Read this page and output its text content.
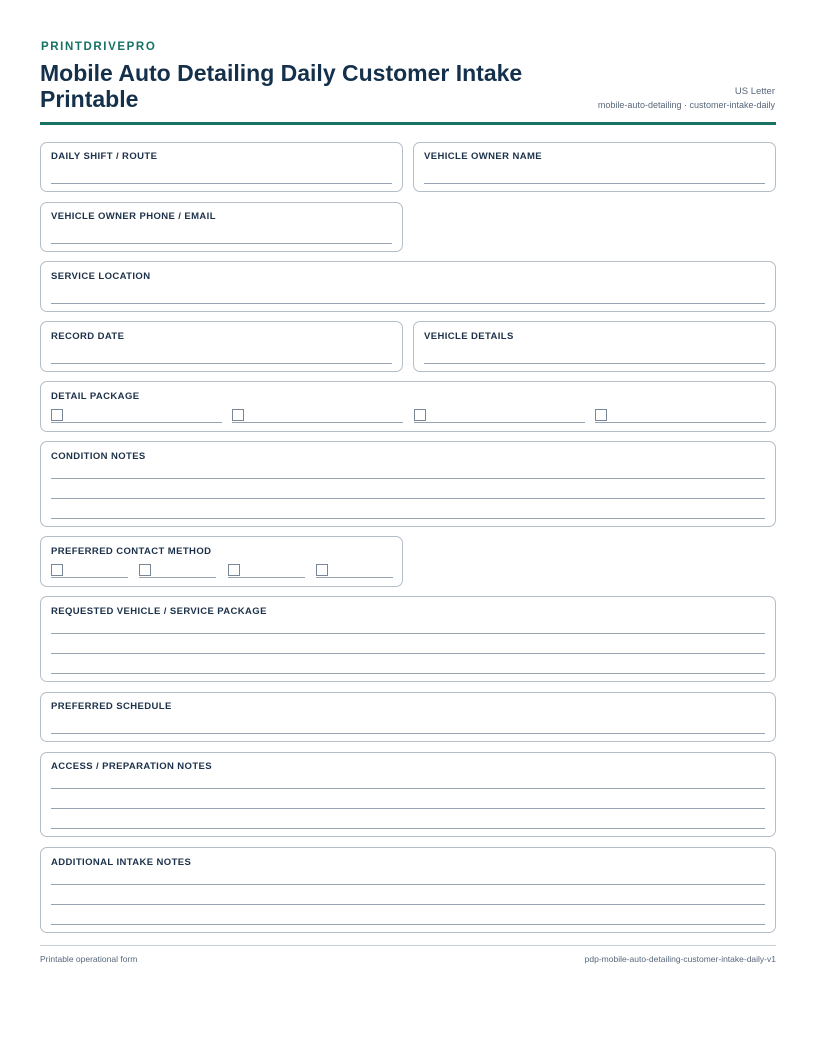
PRINTDRIVEPRO
Mobile Auto Detailing Daily Customer Intake Printable	US Letter
mobile-auto-detailing · customer-intake-daily
DAILY SHIFT / ROUTE	VEHICLE OWNER NAME
VEHICLE OWNER PHONE / EMAIL
SERVICE LOCATION
RECORD DATE	VEHICLE DETAILS
DETAIL PACKAGE
CONDITION NOTES
PREFERRED CONTACT METHOD
REQUESTED VEHICLE / SERVICE PACKAGE
PREFERRED SCHEDULE
ACCESS / PREPARATION NOTES
ADDITIONAL INTAKE NOTES
Printable operational form	pdp-mobile-auto-detailing-customer-intake-daily-v1
